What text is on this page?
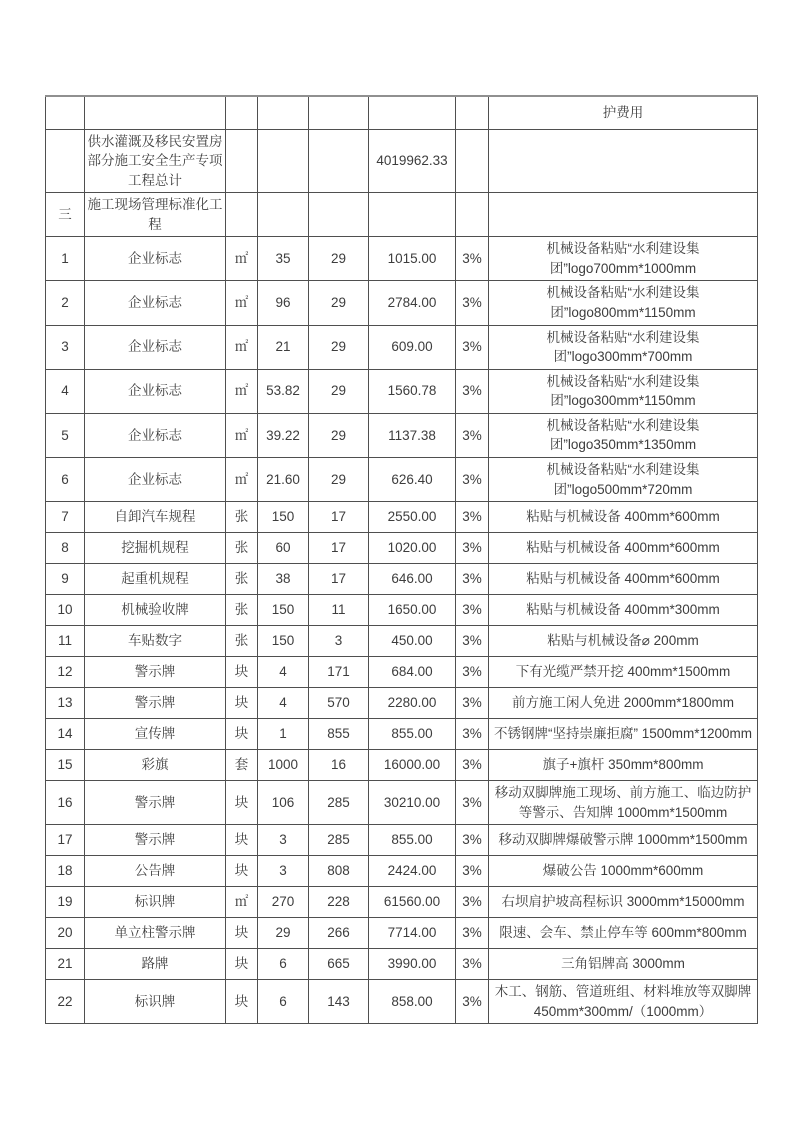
							护费用
	供水灌溉及移民安置房部分施工安全生产专项工程总计				4019962.33		
三	施工现场管理标准化工程						
1	企业标志	㎡	35	29	1015.00	3%	机械设备粘贴“水利建设集团”logo700mm*1000mm
2	企业标志	㎡	96	29	2784.00	3%	机械设备粘贴“水利建设集团”logo800mm*1150mm
3	企业标志	㎡	21	29	609.00	3%	机械设备粘贴“水利建设集团”logo300mm*700mm
4	企业标志	㎡	53.82	29	1560.78	3%	机械设备粘贴“水利建设集团”logo300mm*1150mm
5	企业标志	㎡	39.22	29	1137.38	3%	机械设备粘贴“水利建设集团”logo350mm*1350mm
6	企业标志	㎡	21.60	29	626.40	3%	机械设备粘贴“水利建设集团”logo500mm*720mm
7	自卸汽车规程	张	150	17	2550.00	3%	粘贴与机械设备 400mm*600mm
8	挖掘机规程	张	60	17	1020.00	3%	粘贴与机械设备 400mm*600mm
9	起重机规程	张	38	17	646.00	3%	粘贴与机械设备 400mm*600mm
10	机械验收牌	张	150	11	1650.00	3%	粘贴与机械设备 400mm*300mm
11	车贴数字	张	150	3	450.00	3%	粘贴与机械设备⌀ 200mm
12	警示牌	块	4	171	684.00	3%	下有光缆严禁开挖 400mm*1500mm
13	警示牌	块	4	570	2280.00	3%	前方施工闲人免进 2000mm*1800mm
14	宣传牌	块	1	855	855.00	3%	不锈钢牌“坚持崇廉拒腐” 1500mm*1200mm
15	彩旗	套	1000	16	16000.00	3%	旗子+旗杆 350mm*800mm
16	警示牌	块	106	285	30210.00	3%	移动双脚牌施工现场、前方施工、临边防护等警示、告知牌 1000mm*1500mm
17	警示牌	块	3	285	855.00	3%	移动双脚牌爆破警示牌 1000mm*1500mm
18	公告牌	块	3	808	2424.00	3%	爆破公告 1000mm*600mm
19	标识牌	㎡	270	228	61560.00	3%	右坝肩护坡高程标识 3000mm*15000mm
20	单立柱警示牌	块	29	266	7714.00	3%	限速、会车、禁止停车等 600mm*800mm
21	路牌	块	6	665	3990.00	3%	三角铝牌高 3000mm
22	标识牌	块	6	143	858.00	3%	木工、钢筋、管道班组、材料堆放等双脚牌 450mm*300mm/（1000mm）
